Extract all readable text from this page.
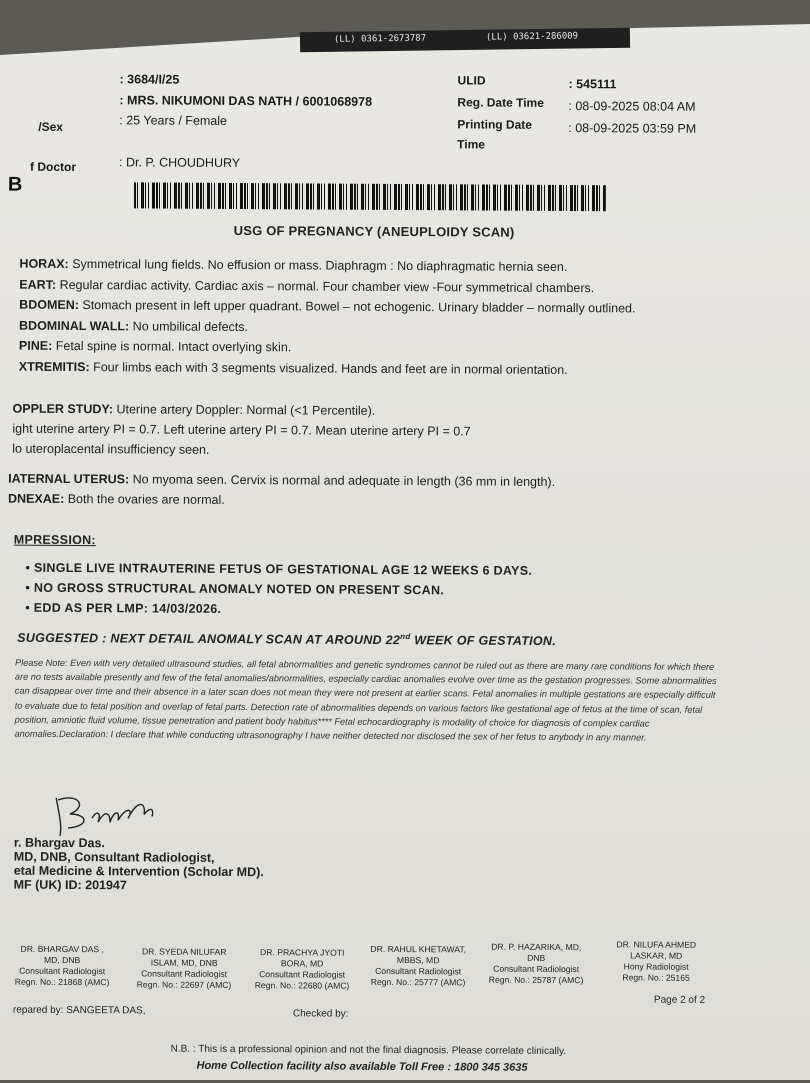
(LL) 0361-2673787	(LL) 03621-286009
B
: 3684/I/25
: MRS. NIKUMONI DAS NATH / 6001068978
/Sex	: 25 Years / Female
f Doctor	: Dr. P. CHOUDHURY
ULID	: 545111
Reg. Date Time : 08-09-2025 08:04 AM
Printing Date
Time
: 08-09-2025 03:59 PM
USG OF PREGNANCY (ANEUPLOIDY SCAN)
HORAX: Symmetrical lung fields. No effusion or mass. Diaphragm : No diaphragmatic hernia seen.
EART: Regular cardiac activity. Cardiac axis – normal. Four chamber view -Four symmetrical chambers.
BDOMEN: Stomach present in left upper quadrant. Bowel – not echogenic. Urinary bladder – normally outlined.
BDOMINAL WALL: No umbilical defects.
PINE: Fetal spine is normal. Intact overlying skin.
XTREMITIS: Four limbs each with 3 segments visualized. Hands and feet are in normal orientation.
OPPLER STUDY: Uterine artery Doppler: Normal (<1 Percentile).
ight uterine artery PI = 0.7. Left uterine artery PI = 0.7. Mean uterine artery PI = 0.7
lo uteroplacental insufficiency seen.
IATERNAL UTERUS: No myoma seen. Cervix is normal and adequate in length (36 mm in length).
DNEXAE: Both the ovaries are normal.
MPRESSION:
• SINGLE LIVE INTRAUTERINE FETUS OF GESTATIONAL AGE 12 WEEKS 6 DAYS.
• NO GROSS STRUCTURAL ANOMALY NOTED ON PRESENT SCAN.
• EDD AS PER LMP: 14/03/2026.
SUGGESTED : NEXT DETAIL ANOMALY SCAN AT AROUND 22nd WEEK OF GESTATION.
Please Note: Even with very detailed ultrasound studies, all fetal abnormalities and genetic syndromes cannot be ruled out as there are many rare conditions for which there are no tests available presently and few of the fetal anomalies/abnormalities, especially cardiac anomalies evolve over time as the gestation progresses. Some abnormalities can disappear over time and their absence in a later scan does not mean they were not present at earlier scans. Fetal anomalies in multiple gestations are especially difficult to evaluate due to fetal position and overlap of fetal parts. Detection rate of abnormalities depends on various factors like gestational age of fetus at the time of scan, fetal position, amniotic fluid volume, tissue penetration and patient body habitus**** Fetal echocardiography is modality of choice for diagnosis of complex cardiac anomalies.Declaration: I declare that while conducting ultrasonography I have neither detected nor disclosed the sex of her fetus to anybody in any manner.
r. Bhargav Das.
MD, DNB, Consultant Radiologist,
etal Medicine & Intervention (Scholar MD).
MF (UK) ID: 201947
DR. BHARGAV DAS ,
MD, DNB
Consultant Radiologist
Regn. No.: 21868 (AMC)
DR. SYEDA NILUFAR
ISLAM, MD, DNB
Consultant Radiologist
Regn. No.: 22697 (AMC)
DR. PRACHYA JYOTI
BORA, MD
Consultant Radiologist
Regn. No.: 22680 (AMC)
DR. RAHUL KHETAWAT,
MBBS, MD
Consultant Radiologist
Regn. No.: 25777 (AMC)
DR. P. HAZARIKA, MD,
DNB
Consultant Radiologist
Regn. No.: 25787 (AMC)
DR. NILUFA AHMED
LASKAR, MD
Hony Radiologist
Regn. No.: 25165
Page 2 of 2
repared by: SANGEETA DAS,	Checked by:
N.B. : This is a professional opinion and not the final diagnosis. Please correlate clinically.
Home Collection facility also available Toll Free : 1800 345 3635
